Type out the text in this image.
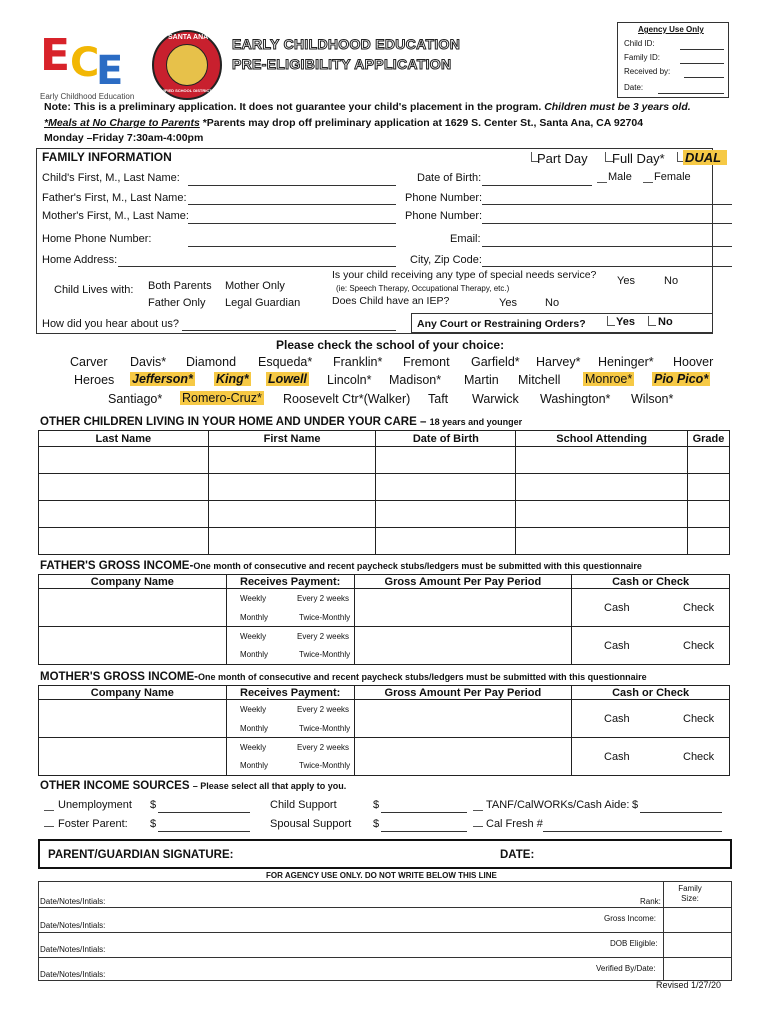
E C
E
Early Childhood Education
SANTA ANA
UNIFIED SCHOOL DISTRICT
EARLY CHILDHOOD EDUCATION
PRE-ELIGIBILITY APPLICATION
Agency Use Only
Child ID:
Family ID:
Received by:
Date:
Note: This is a preliminary application. It does not guarantee your child's placement in the program. Children must be 3 years old.
*Meals at No Charge to Parents *Parents may drop off preliminary application at 1629 S. Center St., Santa Ana, CA 92704
Monday –Friday 7:30am-4:00pm
FAMILY INFORMATION	Part Day Full Day* DUAL
Child's First, M., Last Name:	Date of Birth:	Male Female
Father's First, M., Last Name:	Phone Number:
Mother's First, M., Last Name:	Phone Number:
Home Phone Number:	Email:
Home Address:	City, Zip Code:
Child Lives with: Both Parents Mother Only
Father Only Legal Guardian
Is your child receiving any type of special needs service?
(ie: Speech Therapy, Occupational Therapy, etc.)
Yes	No
Does Child have an IEP?	Yes	No
How did you hear about us?	Any Court or Restraining Orders?	Yes No
Please check the school of your choice:
Carver Davis* Diamond Esqueda* Franklin* Fremont Garfield* Harvey* Heninger* Hoover
Heroes Jefferson* King* Lowell Lincoln* Madison* Martin Mitchell Monroe* Pio Pico*
Santiago* Romero-Cruz* Roosevelt Ctr*(Walker) Taft Warwick Washington* Wilson*
OTHER CHILDREN LIVING IN YOUR HOME AND UNDER YOUR CARE – 18 years and younger
Last Name	First Name	Date of Birth	School Attending	Grade

FATHER'S GROSS INCOME-One month of consecutive and recent paycheck stubs/ledgers must be submitted with this questionnaire
Company Name	Receives Payment:	Gross Amount Per Pay Period	Cash or Check

Weekly	Every 2 weeks
Monthly	Twice-Monthly
Cash	Check
Weekly	Every 2 weeks
Monthly	Twice-Monthly
Cash	Check
MOTHER'S GROSS INCOME-One month of consecutive and recent paycheck stubs/ledgers must be submitted with this questionnaire
Company Name	Receives Payment:	Gross Amount Per Pay Period	Cash or Check

Weekly	Every 2 weeks
Monthly	Twice-Monthly
Cash	Check
Weekly	Every 2 weeks
Monthly	Twice-Monthly
Cash	Check
OTHER INCOME SOURCES – Please select all that apply to you.
Unemployment $
Foster Parent: $
Child Support	$
Spousal Support $
TANF/CalWORKs/Cash Aide: $
Cal Fresh #
PARENT/GUARDIAN SIGNATURE:	DATE:
FOR AGENCY USE ONLY. DO NOT WRITE BELOW THIS LINE
Date/Notes/Intials:
Date/Notes/Intials:
Date/Notes/Intials:
Date/Notes/Intials:
Rank:
Family Size:
Gross Income:
DOB Eligible:
Verified By/Date:
Revised 1/27/20
